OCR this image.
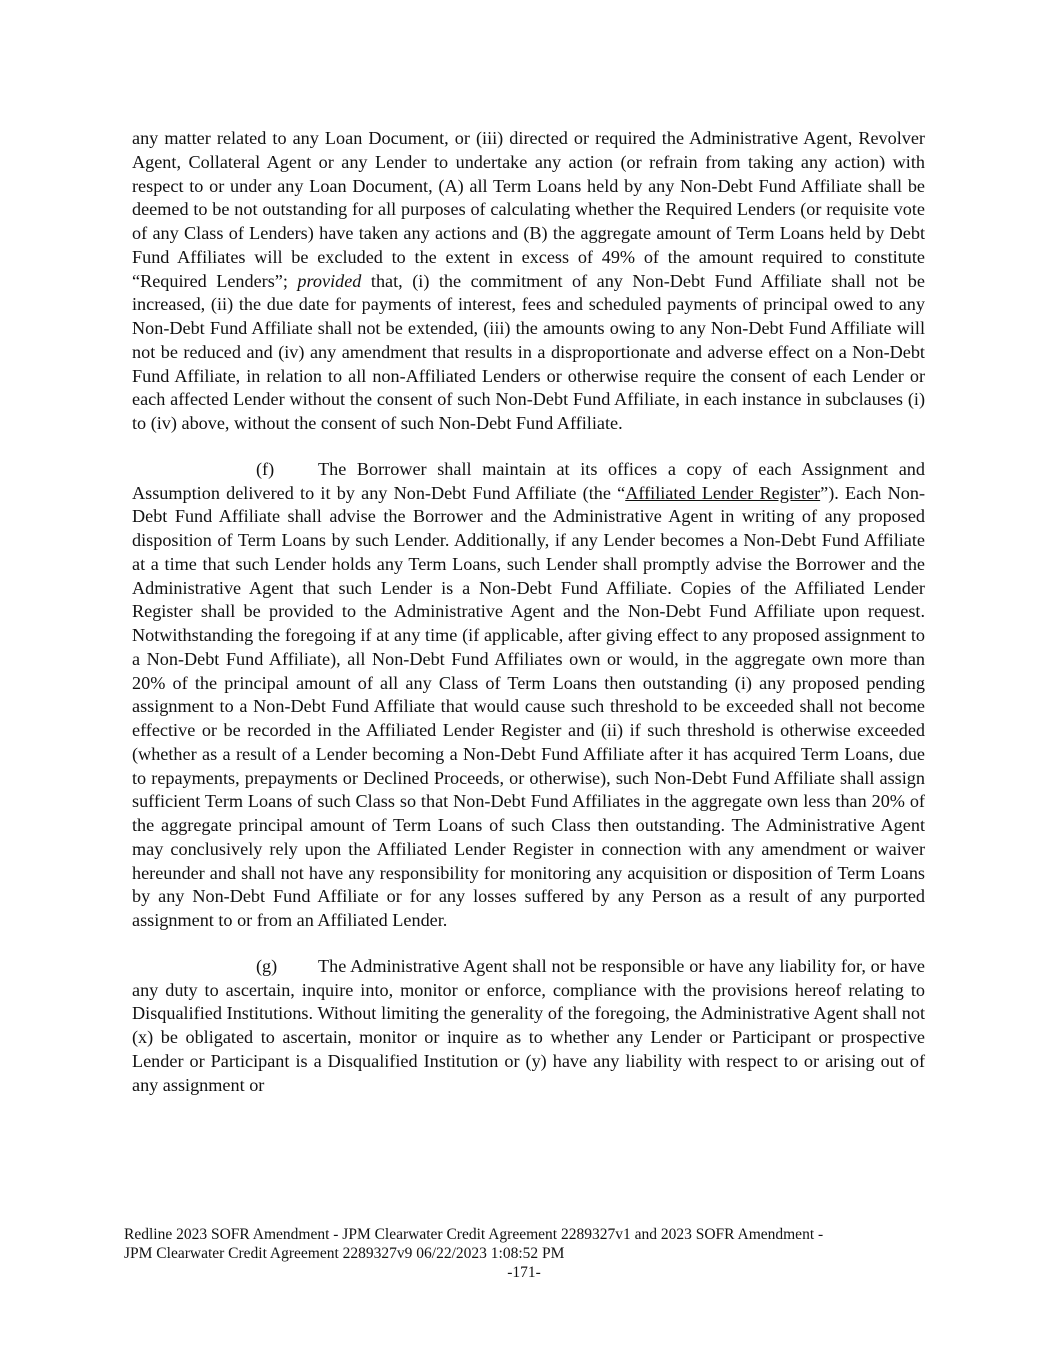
any matter related to any Loan Document, or (iii) directed or required the Administrative Agent, Revolver Agent, Collateral Agent or any Lender to undertake any action (or refrain from taking any action) with respect to or under any Loan Document, (A) all Term Loans held by any Non-Debt Fund Affiliate shall be deemed to be not outstanding for all purposes of calculating whether the Required Lenders (or requisite vote of any Class of Lenders) have taken any actions and (B) the aggregate amount of Term Loans held by Debt Fund Affiliates will be excluded to the extent in excess of 49% of the amount required to constitute “Required Lenders”; provided that, (i) the commitment of any Non-Debt Fund Affiliate shall not be increased, (ii) the due date for payments of interest, fees and scheduled payments of principal owed to any Non-Debt Fund Affiliate shall not be extended, (iii) the amounts owing to any Non-Debt Fund Affiliate will not be reduced and (iv) any amendment that results in a disproportionate and adverse effect on a Non-Debt Fund Affiliate, in relation to all non-Affiliated Lenders or otherwise require the consent of each Lender or each affected Lender without the consent of such Non-Debt Fund Affiliate, in each instance in subclauses (i) to (iv) above, without the consent of such Non-Debt Fund Affiliate.

(f) The Borrower shall maintain at its offices a copy of each Assignment and Assumption delivered to it by any Non-Debt Fund Affiliate (the “Affiliated Lender Register”). Each Non-Debt Fund Affiliate shall advise the Borrower and the Administrative Agent in writing of any proposed disposition of Term Loans by such Lender. Additionally, if any Lender becomes a Non-Debt Fund Affiliate at a time that such Lender holds any Term Loans, such Lender shall promptly advise the Borrower and the Administrative Agent that such Lender is a Non-Debt Fund Affiliate. Copies of the Affiliated Lender Register shall be provided to the Administrative Agent and the Non-Debt Fund Affiliate upon request. Notwithstanding the foregoing if at any time (if applicable, after giving effect to any proposed assignment to a Non-Debt Fund Affiliate), all Non-Debt Fund Affiliates own or would, in the aggregate own more than 20% of the principal amount of all any Class of Term Loans then outstanding (i) any proposed pending assignment to a Non-Debt Fund Affiliate that would cause such threshold to be exceeded shall not become effective or be recorded in the Affiliated Lender Register and (ii) if such threshold is otherwise exceeded (whether as a result of a Lender becoming a Non-Debt Fund Affiliate after it has acquired Term Loans, due to repayments, prepayments or Declined Proceeds, or otherwise), such Non-Debt Fund Affiliate shall assign sufficient Term Loans of such Class so that Non-Debt Fund Affiliates in the aggregate own less than 20% of the aggregate principal amount of Term Loans of such Class then outstanding. The Administrative Agent may conclusively rely upon the Affiliated Lender Register in connection with any amendment or waiver hereunder and shall not have any responsibility for monitoring any acquisition or disposition of Term Loans by any Non-Debt Fund Affiliate or for any losses suffered by any Person as a result of any purported assignment to or from an Affiliated Lender.

(g) The Administrative Agent shall not be responsible or have any liability for, or have any duty to ascertain, inquire into, monitor or enforce, compliance with the provisions hereof relating to Disqualified Institutions. Without limiting the generality of the foregoing, the Administrative Agent shall not (x) be obligated to ascertain, monitor or inquire as to whether any Lender or Participant or prospective Lender or Participant is a Disqualified Institution or (y) have any liability with respect to or arising out of any assignment or

Redline 2023 SOFR Amendment - JPM Clearwater Credit Agreement 2289327v1 and 2023 SOFR Amendment -
JPM Clearwater Credit Agreement 2289327v9 06/22/2023 1:08:52 PM
-171-
